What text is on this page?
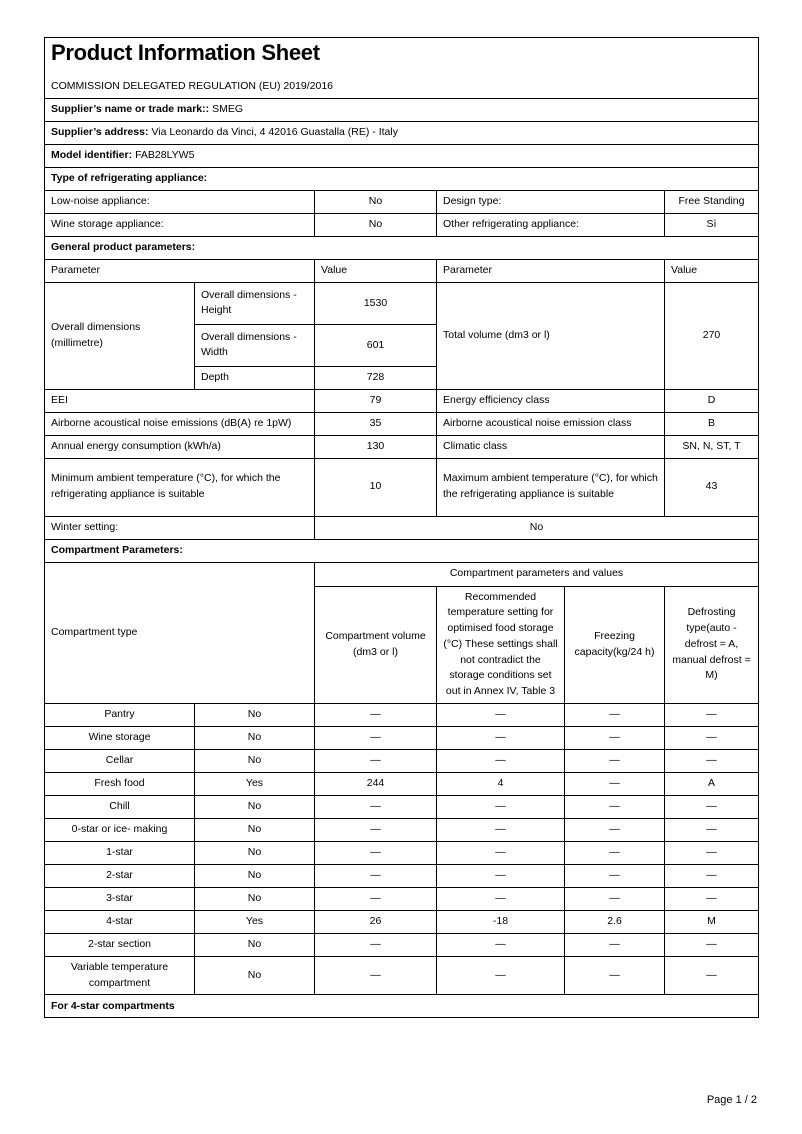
Product Information Sheet
COMMISSION DELEGATED REGULATION (EU) 2019/2016

Supplier’s name or trade mark:: SMEG					
Supplier’s address: Via Leonardo da Vinci, 4 42016 Guastalla (RE) - Italy					
Model identifier: FAB28LYW5					
Type of refrigerating appliance:					
Low-noise appliance:		No	Design type:		Free Standing
Wine storage appliance:		No	Other refrigerating appliance:		Sì
General product parameters:					
Parameter		Value	Parameter		Value
Overall dimensions (millimetre)	Overall dimensions - Height	1530	Total volume (dm3 or l)		270
	Overall dimensions - Width	601			
	Depth	728			
EEI		79	Energy efficiency class		D
Airborne acoustical noise emissions (dB(A) re 1pW)		35	Airborne acoustical noise emission class		B
Annual energy consumption (kWh/a)		130	Climatic class		SN, N, ST, T
Minimum ambient temperature (°C), for which the refrigerating appliance is suitable		10	Maximum ambient temperature (°C), for which the refrigerating appliance is suitable		43
Winter setting:		No			
Compartment Parameters:					
Compartment type		Compartment parameters and values			
		Compartment volume (dm3 or l)	Recommended temperature setting for optimised food storage (°C) These settings shall not contradict the storage conditions set out in Annex IV, Table 3	Freezing capacity(kg/24 h)	Defrosting type(auto - defrost = A, manual defrost = M)
Pantry	No	—	—	—	—
Wine storage	No	—	—	—	—
Cellar	No	—	—	—	—
Fresh food	Yes	244	4	—	A
Chill	No	—	—	—	—
0-star or ice- making	No	—	—	—	—
1-star	No	—	—	—	—
2-star	No	—	—	—	—
3-star	No	—	—	—	—
4-star	Yes	26	-18	2.6	M
2-star section	No	—	—	—	—
Variable temperature compartment	No	—	—	—	—
For 4-star compartments					
Page 1 / 2
